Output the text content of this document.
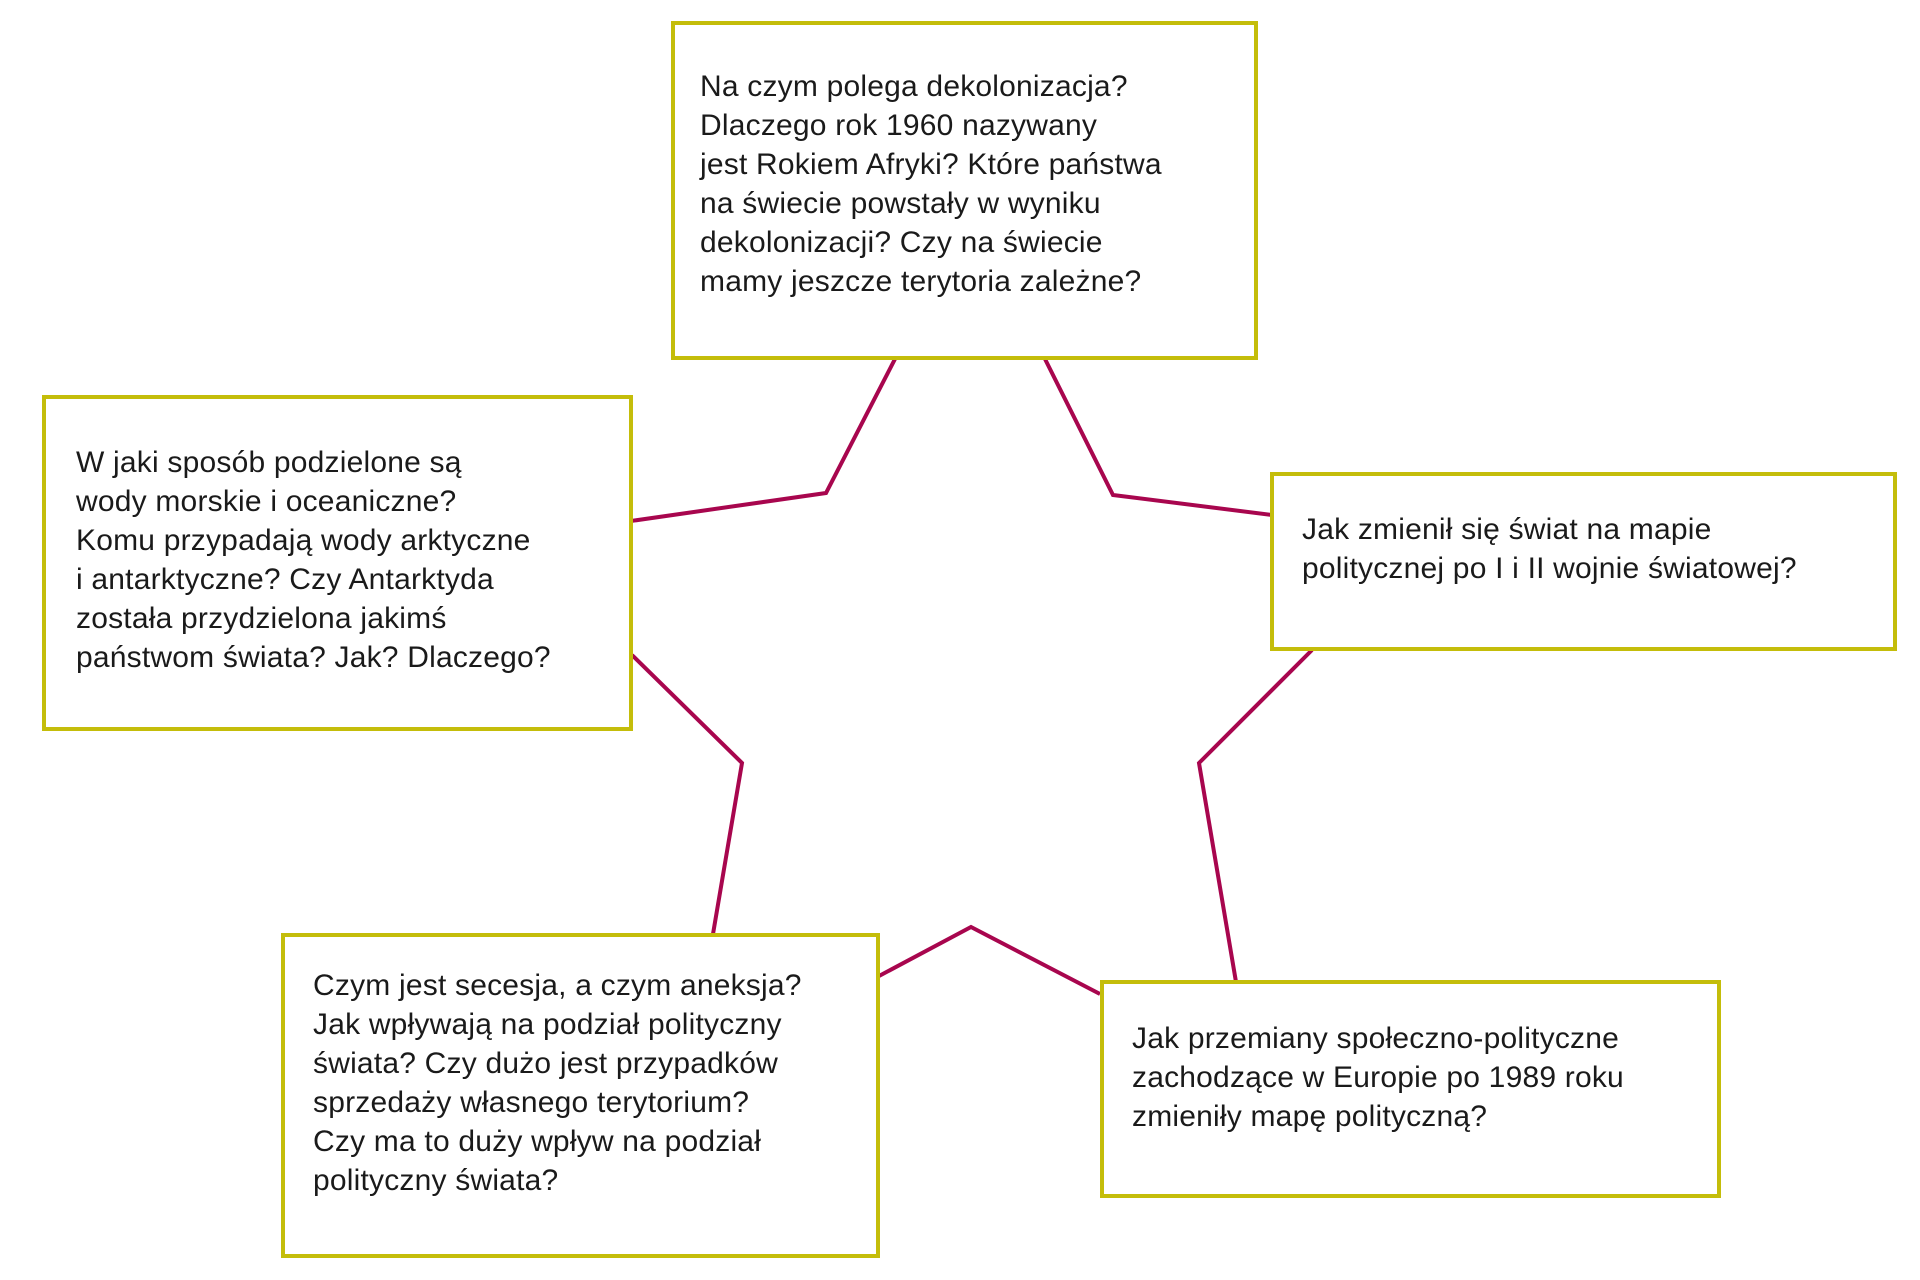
Na czym polega dekolonizacja?
Dlaczego rok 1960 nazywany
jest Rokiem Afryki? Które państwa
na świecie powstały w wyniku
dekolonizacji? Czy na świecie
mamy jeszcze terytoria zależne?

W jaki sposób podzielone są
wody morskie i oceaniczne?
Komu przypadają wody arktyczne
i antarktyczne? Czy Antarktyda
została przydzielona jakimś
państwom świata? Jak? Dlaczego?

Jak zmienił się świat na mapie
politycznej po I i II wojnie światowej?

Czym jest secesja, a czym aneksja?
Jak wpływają na podział polityczny
świata? Czy dużo jest przypadków
sprzedaży własnego terytorium?
Czy ma to duży wpływ na podział
polityczny świata?

Jak przemiany społeczno-polityczne
zachodzące w Europie po 1989 roku
zmieniły mapę polityczną?
